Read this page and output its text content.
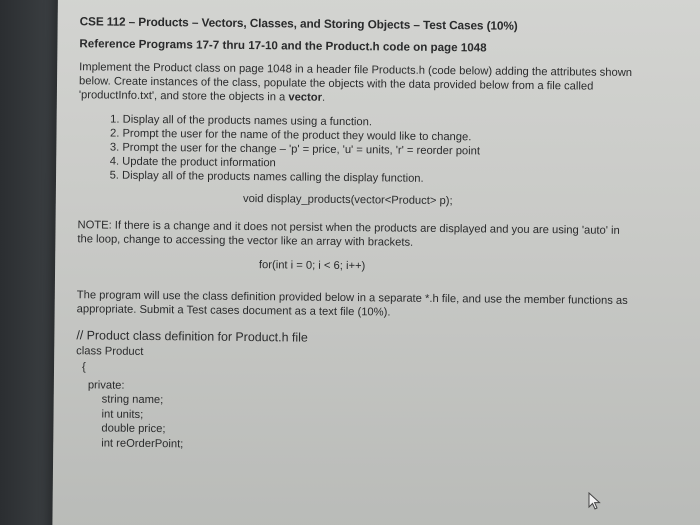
CSE 112 – Products – Vectors, Classes, and Storing Objects – Test Cases (10%)
Reference Programs 17-7 thru 17-10 and the Product.h code on page 1048
Implement the Product class on page 1048 in a header file Products.h (code below) adding the attributes shown below. Create instances of the class, populate the objects with the data provided below from a file called 'productInfo.txt', and store the objects in a vector.
1. Display all of the products names using a function.
2. Prompt the user for the name of the product they would like to change.
3. Prompt the user for the change – 'p' = price, 'u' = units, 'r' = reorder point
4. Update the product information
5. Display all of the products names calling the display function.
void display_products(vector<Product> p);
NOTE: If there is a change and it does not persist when the products are displayed and you are using 'auto' in the loop, change to accessing the vector like an array with brackets.
for(int i = 0; i < 6; i++)
The program will use the class definition provided below in a separate *.h file, and use the member functions as appropriate. Submit a Test cases document as a text file (10%).
// Product class definition for Product.h file
class Product
{
private:
string name;
int units;
double price;
int reOrderPoint;
